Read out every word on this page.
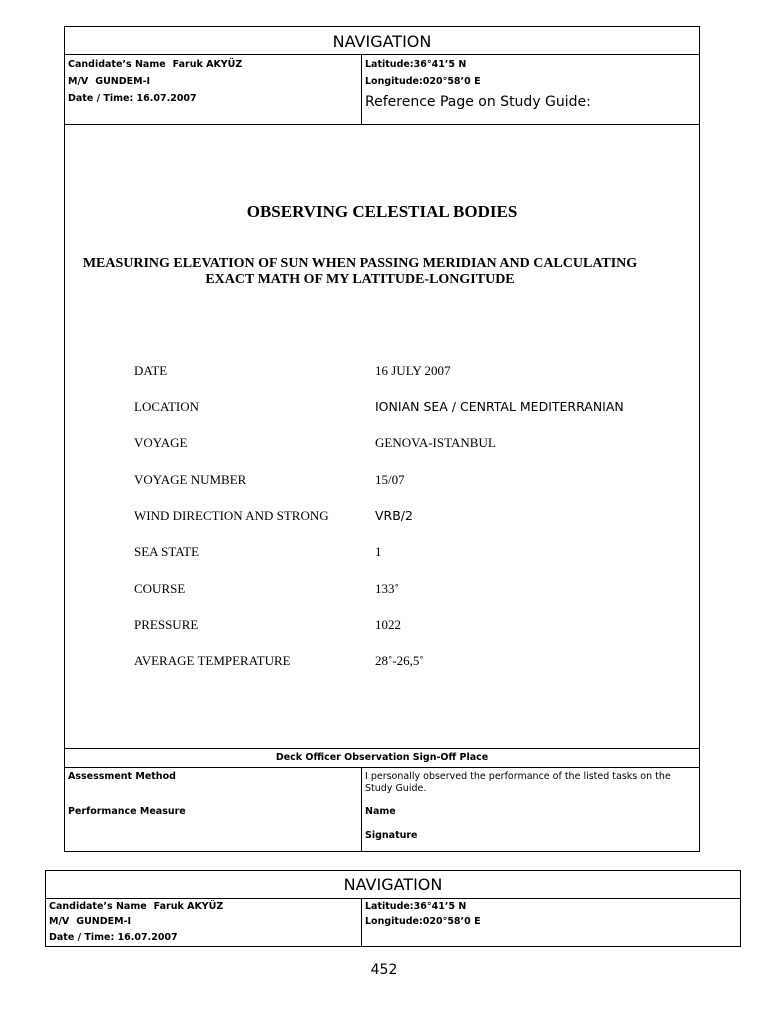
NAVIGATION
Candidate’s Name Faruk AKYÜZ
M/V GUNDEM-I
Date / Time: 16.07.2007
Latitude:36°41’5 N
Longitude:020°58’0 E
Reference Page on Study Guide:
OBSERVING CELESTIAL BODIES
MEASURING ELEVATION OF SUN WHEN PASSING MERIDIAN AND CALCULATING
EXACT MATH OF MY LATITUDE-LONGITUDE
DATE	16 JULY 2007
LOCATION	IONIAN SEA / CENRTAL MEDITERRANIAN
VOYAGE	GENOVA-ISTANBUL
VOYAGE NUMBER	15/07
WIND DIRECTION AND STRONG	VRB/2
SEA STATE	1
COURSE	133˚
PRESSURE	1022
AVERAGE TEMPERATURE	28˚-26,5˚
Deck Officer Observation Sign-Off Place
Assessment Method
Performance Measure
I personally observed the performance of the listed tasks on the Study Guide.
Name
Signature
NAVIGATION
Candidate’s Name Faruk AKYÜZ
M/V GUNDEM-I
Date / Time: 16.07.2007
Latitude:36°41’5 N
Longitude:020°58’0 E
452
